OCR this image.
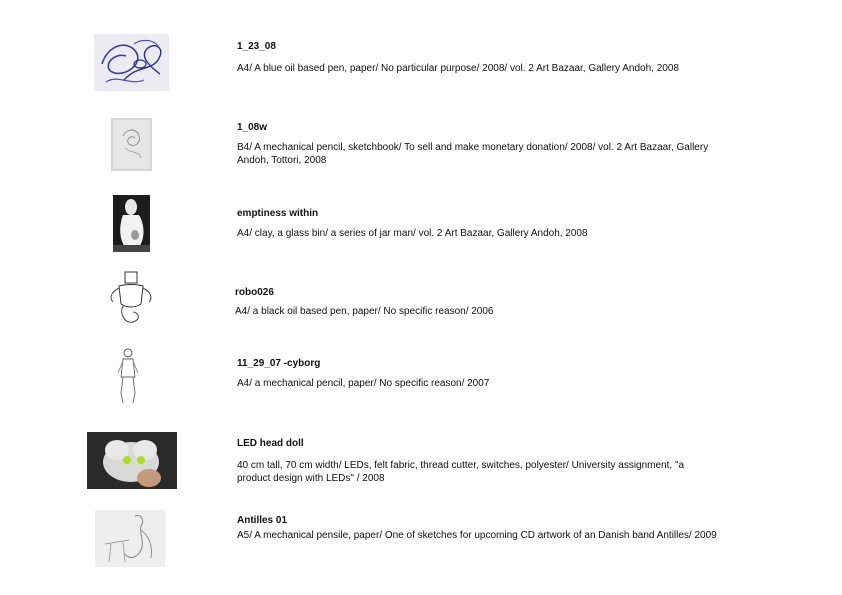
1_23_08
A4/ A blue oil based pen, paper/ No particular purpose/ 2008/ vol. 2 Art Bazaar, Gallery Andoh, 2008
1_08w
B4/ A mechanical pencil, sketchbook/ To sell and make monetary donation/ 2008/ vol. 2 Art Bazaar, Gallery Andoh, Tottori, 2008
emptiness within
A4/ clay, a glass bin/ a series of jar man/ vol. 2 Art Bazaar, Gallery Andoh, 2008
robo026
A4/ a black oil based pen, paper/ No specific reason/ 2006
11_29_07 -cyborg
A4/ a mechanical pencil, paper/ No specific reason/ 2007
LED head doll
40 cm tall, 70 cm width/ LEDs, felt fabric, thread cutter, switches, polyester/ University assignment, "a product design with LEDs" / 2008
Antilles 01
A5/ A mechanical pensile, paper/ One of sketches for upcoming CD artwork of an Danish band Antilles/ 2009
